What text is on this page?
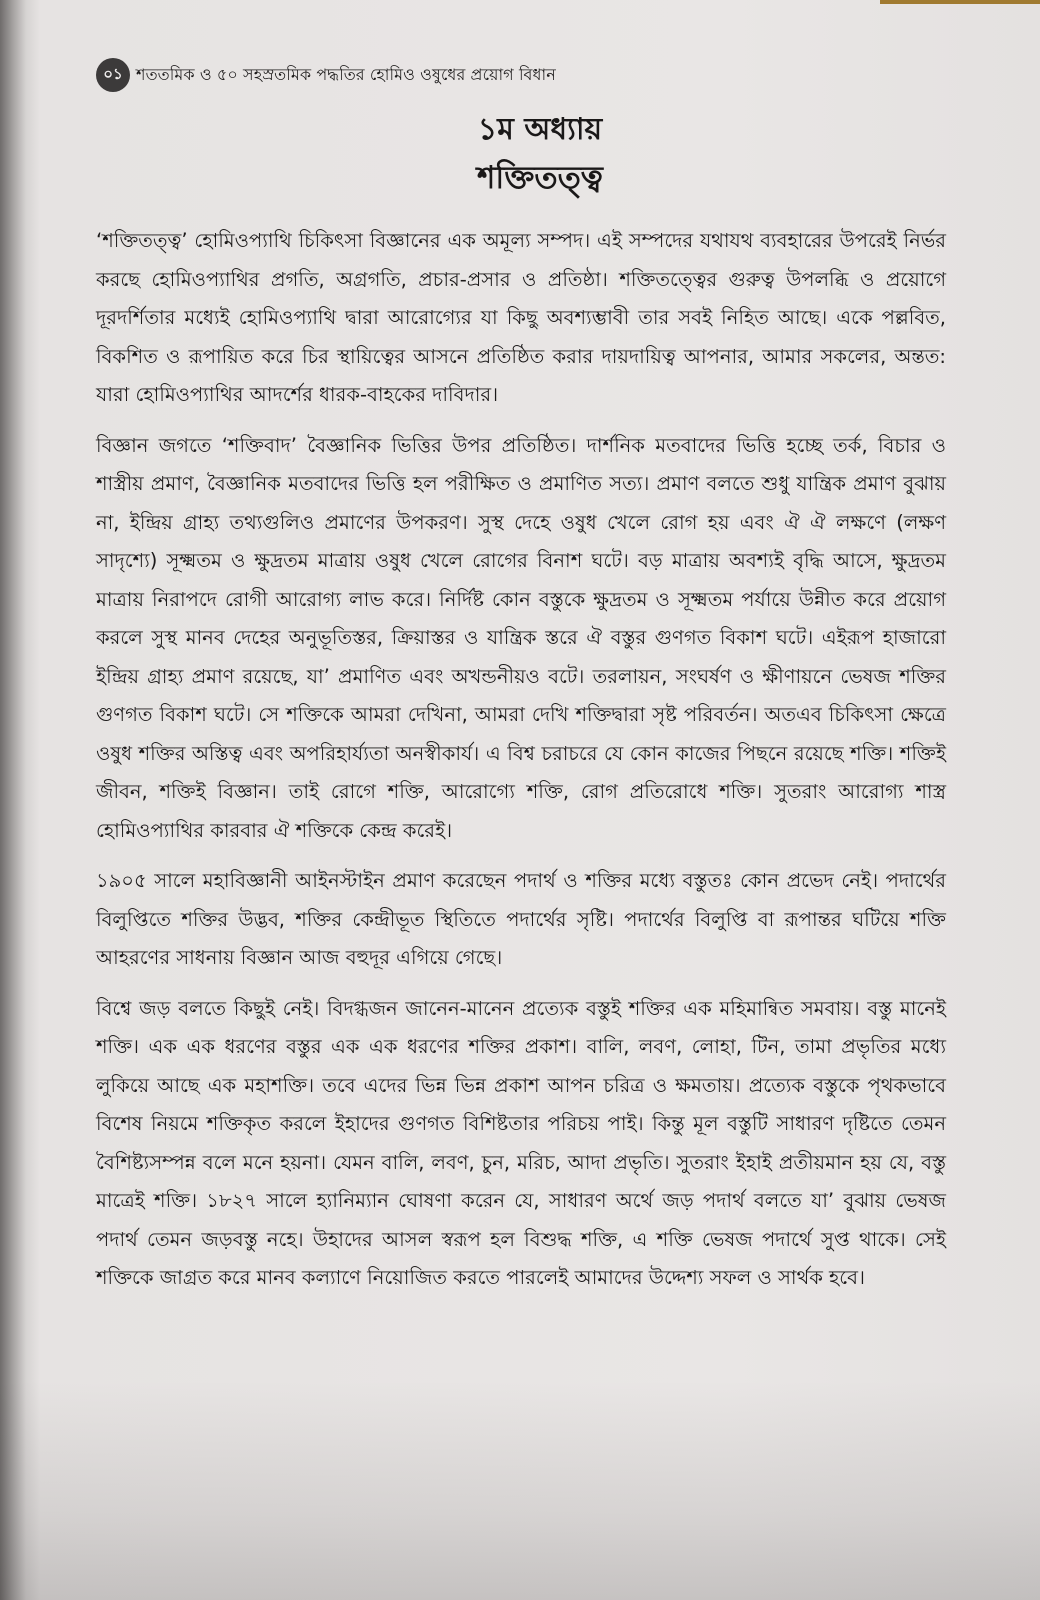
০১ শততমিক ও ৫০ সহস্রতমিক পদ্ধতির হোমিও ওষুধের প্রয়োগ বিধান
১ম অধ্যায়
শক্তিতত্ত্ব

‘শক্তিতত্ত্ব’ হোমিওপ্যাথি চিকিৎসা বিজ্ঞানের এক অমূল্য সম্পদ। এই সম্পদের যথাযথ ব্যবহারের উপরেই নির্ভর করছে হোমিওপ্যাথির প্রগতি, অগ্রগতি, প্রচার-প্রসার ও প্রতিষ্ঠা। শক্তিতত্ত্বের গুরুত্ব উপলব্ধি ও প্রয়োগে দূরদর্শিতার মধ্যেই হোমিওপ্যাথি দ্বারা আরোগ্যের যা কিছু অবশ্যম্ভাবী তার সবই নিহিত আছে। একে পল্লবিত, বিকশিত ও রূপায়িত করে চির স্থায়িত্বের আসনে প্রতিষ্ঠিত করার দায়দায়িত্ব আপনার, আমার সকলের, অন্তত: যারা হোমিওপ্যাথির আদর্শের ধারক-বাহকের দাবিদার।

বিজ্ঞান জগতে ‘শক্তিবাদ’ বৈজ্ঞানিক ভিত্তির উপর প্রতিষ্ঠিত। দার্শনিক মতবাদের ভিত্তি হচ্ছে তর্ক, বিচার ও শাস্ত্রীয় প্রমাণ, বৈজ্ঞানিক মতবাদের ভিত্তি হল পরীক্ষিত ও প্রমাণিত সত্য। প্রমাণ বলতে শুধু যান্ত্রিক প্রমাণ বুঝায় না, ইন্দ্রিয় গ্রাহ্য তথ্যগুলিও প্রমাণের উপকরণ। সুস্থ দেহে ওষুধ খেলে রোগ হয় এবং ঐ ঐ লক্ষণে (লক্ষণ সাদৃশ্যে) সূক্ষ্মতম ও ক্ষুদ্রতম মাত্রায় ওষুধ খেলে রোগের বিনাশ ঘটে। বড় মাত্রায় অবশ্যই বৃদ্ধি আসে, ক্ষুদ্রতম মাত্রায় নিরাপদে রোগী আরোগ্য লাভ করে। নির্দিষ্ট কোন বস্তুকে ক্ষুদ্রতম ও সূক্ষ্মতম পর্যায়ে উন্নীত করে প্রয়োগ করলে সুস্থ মানব দেহের অনুভূতিস্তর, ক্রিয়াস্তর ও যান্ত্রিক স্তরে ঐ বস্তুর গুণগত বিকাশ ঘটে। এইরূপ হাজারো ইন্দ্রিয় গ্রাহ্য প্রমাণ রয়েছে, যা’ প্রমাণিত এবং অখন্ডনীয়ও বটে। তরলায়ন, সংঘর্ষণ ও ক্ষীণায়নে ভেষজ শক্তির গুণগত বিকাশ ঘটে। সে শক্তিকে আমরা দেখিনা, আমরা দেখি শক্তিদ্বারা সৃষ্ট পরিবর্তন। অতএব চিকিৎসা ক্ষেত্রে ওষুধ শক্তির অস্তিত্ব এবং অপরিহার্য্যতা অনস্বীকার্য। এ বিশ্ব চরাচরে যে কোন কাজের পিছনে রয়েছে শক্তি। শক্তিই জীবন, শক্তিই বিজ্ঞান। তাই রোগে শক্তি, আরোগ্যে শক্তি, রোগ প্রতিরোধে শক্তি। সুতরাং আরোগ্য শাস্ত্র হোমিওপ্যাথির কারবার ঐ শক্তিকে কেন্দ্র করেই।

১৯০৫ সালে মহাবিজ্ঞানী আইনস্টাইন প্রমাণ করেছেন পদার্থ ও শক্তির মধ্যে বস্তুতঃ কোন প্রভেদ নেই। পদার্থের বিলুপ্তিতে শক্তির উদ্ভব, শক্তির কেন্দ্রীভূত স্থিতিতে পদার্থের সৃষ্টি। পদার্থের বিলুপ্তি বা রূপান্তর ঘটিয়ে শক্তি আহরণের সাধনায় বিজ্ঞান আজ বহুদূর এগিয়ে গেছে।

বিশ্বে জড় বলতে কিছুই নেই। বিদগ্ধজন জানেন-মানেন প্রত্যেক বস্তুই শক্তির এক মহিমান্বিত সমবায়। বস্তু মানেই শক্তি। এক এক ধরণের বস্তুর এক এক ধরণের শক্তির প্রকাশ। বালি, লবণ, লোহা, টিন, তামা প্রভৃতির মধ্যে লুকিয়ে আছে এক মহাশক্তি। তবে এদের ভিন্ন ভিন্ন প্রকাশ আপন চরিত্র ও ক্ষমতায়। প্রত্যেক বস্তুকে পৃথকভাবে বিশেষ নিয়মে শক্তিকৃত করলে ইহাদের গুণগত বিশিষ্টতার পরিচয় পাই। কিন্তু মূল বস্তুটি সাধারণ দৃষ্টিতে তেমন বৈশিষ্ট্যসম্পন্ন বলে মনে হয়না। যেমন বালি, লবণ, চুন, মরিচ, আদা প্রভৃতি। সুতরাং ইহাই প্রতীয়মান হয় যে, বস্তু মাত্রেই শক্তি। ১৮২৭ সালে হ্যানিম্যান ঘোষণা করেন যে, সাধারণ অর্থে জড় পদার্থ বলতে যা’ বুঝায় ভেষজ পদার্থ তেমন জড়বস্তু নহে। উহাদের আসল স্বরূপ হল বিশুদ্ধ শক্তি, এ শক্তি ভেষজ পদার্থে সুপ্ত থাকে। সেই শক্তিকে জাগ্রত করে মানব কল্যাণে নিয়োজিত করতে পারলেই আমাদের উদ্দেশ্য সফল ও সার্থক হবে।
